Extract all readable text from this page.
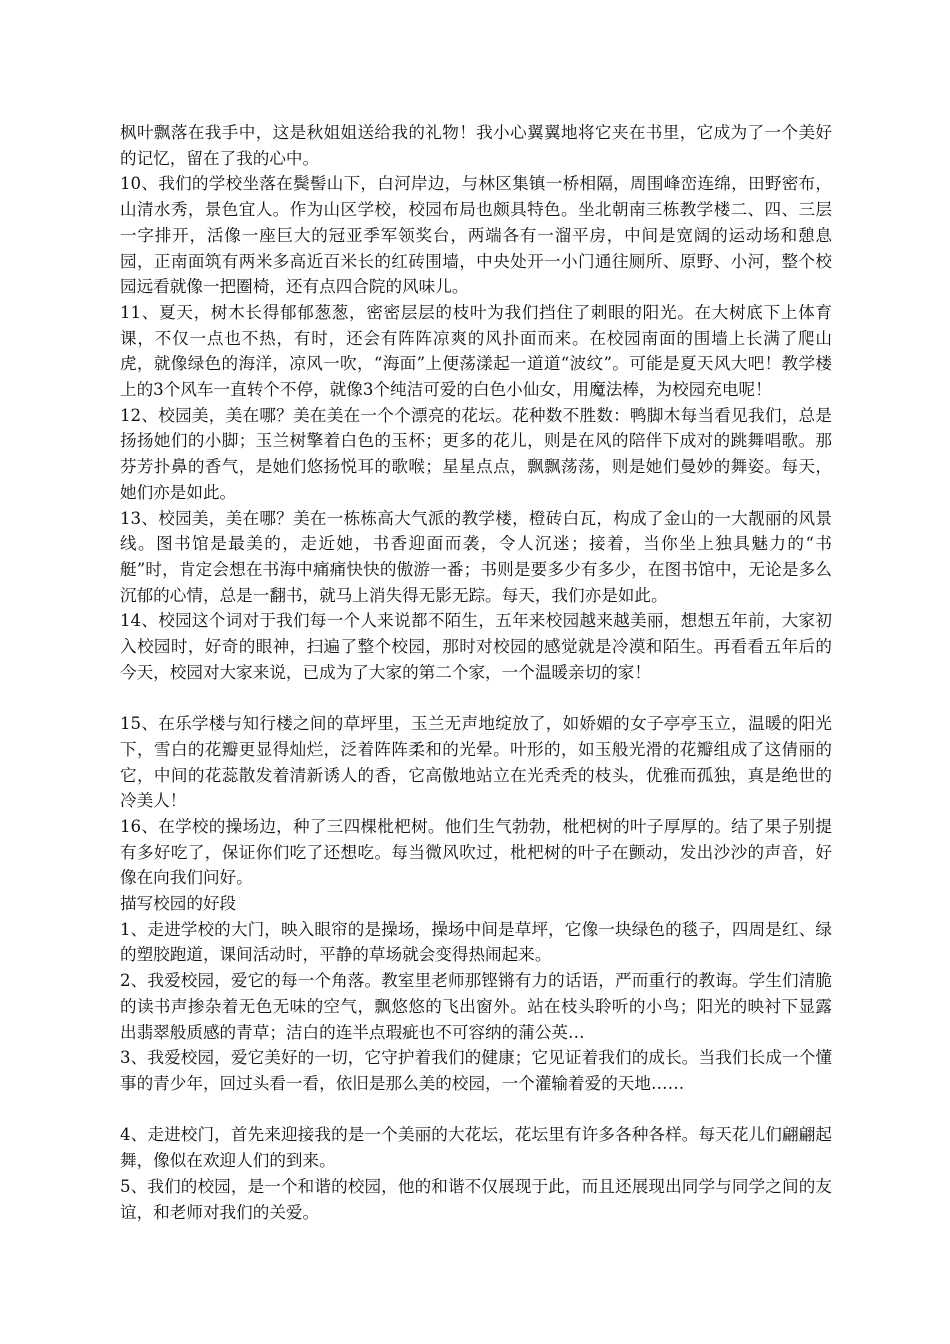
枫叶飘落在我手中，这是秋姐姐送给我的礼物！我小心翼翼地将它夹在书里，它成为了一个美好的记忆，留在了我的心中。

10、我们的学校坐落在鬓髻山下，白河岸边，与林区集镇一桥相隔，周围峰峦连绵，田野密布，山清水秀，景色宜人。作为山区学校，校园布局也颇具特色。坐北朝南三栋教学楼二、四、三层一字排开，活像一座巨大的冠亚季军领奖台，两端各有一溜平房，中间是宽阔的运动场和憩息园，正南面筑有两米多高近百米长的红砖围墙，中央处开一小门通往厕所、原野、小河，整个校园远看就像一把圈椅，还有点四合院的风味儿。

11、夏天，树木长得郁郁葱葱，密密层层的枝叶为我们挡住了刺眼的阳光。在大树底下上体育课，不仅一点也不热，有时，还会有阵阵凉爽的风扑面而来。在校园南面的围墙上长满了爬山虎，就像绿色的海洋，凉风一吹，“海面”上便荡漾起一道道“波纹”。可能是夏天风大吧！教学楼上的3个风车一直转个不停，就像3个纯洁可爱的白色小仙女，用魔法棒，为校园充电呢！

12、校园美，美在哪？美在美在一个个漂亮的花坛。花种数不胜数：鸭脚木每当看见我们，总是扬扬她们的小脚；玉兰树擎着白色的玉杯；更多的花儿，则是在风的陪伴下成对的跳舞唱歌。那芬芳扑鼻的香气，是她们悠扬悦耳的歌喉；星星点点，飘飘荡荡，则是她们曼妙的舞姿。每天，她们亦是如此。

13、校园美，美在哪？美在一栋栋高大气派的教学楼，橙砖白瓦，构成了金山的一大靓丽的风景线。图书馆是最美的，走近她，书香迎面而袭，令人沉迷；接着，当你坐上独具魅力的“书艇”时，肯定会想在书海中痛痛快快的傲游一番；书则是要多少有多少，在图书馆中，无论是多么沉郁的心情，总是一翻书，就马上消失得无影无踪。每天，我们亦是如此。

14、校园这个词对于我们每一个人来说都不陌生，五年来校园越来越美丽，想想五年前，大家初入校园时，好奇的眼神，扫遍了整个校园，那时对校园的感觉就是冷漠和陌生。再看看五年后的今天，校园对大家来说，已成为了大家的第二个家，一个温暖亲切的家！

15、在乐学楼与知行楼之间的草坪里，玉兰无声地绽放了，如娇媚的女子亭亭玉立，温暖的阳光下，雪白的花瓣更显得灿烂，泛着阵阵柔和的光晕。叶形的，如玉般光滑的花瓣组成了这倩丽的它，中间的花蕊散发着清新诱人的香，它高傲地站立在光秃秃的枝头，优雅而孤独，真是绝世的冷美人！

16、在学校的操场边，种了三四棵枇杷树。他们生气勃勃，枇杷树的叶子厚厚的。结了果子别提有多好吃了，保证你们吃了还想吃。每当微风吹过，枇杷树的叶子在颤动，发出沙沙的声音，好像在向我们问好。

描写校园的好段

1、走进学校的大门，映入眼帘的是操场，操场中间是草坪，它像一块绿色的毯子，四周是红、绿的塑胶跑道，课间活动时，平静的草场就会变得热闹起来。

2、我爱校园，爱它的每一个角落。教室里老师那铿锵有力的话语，严而重行的教诲。学生们清脆的读书声掺杂着无色无味的空气，飘悠悠的飞出窗外。站在枝头聆听的小鸟；阳光的映衬下显露出翡翠般质感的青草；洁白的连半点瑕疵也不可容纳的蒲公英…

3、我爱校园，爱它美好的一切，它守护着我们的健康；它见证着我们的成长。当我们长成一个懂事的青少年，回过头看一看，依旧是那么美的校园，一个灌输着爱的天地……

4、走进校门，首先来迎接我的是一个美丽的大花坛，花坛里有许多各种各样。每天花儿们翩翩起舞，像似在欢迎人们的到来。

5、我们的校园，是一个和谐的校园，他的和谐不仅展现于此，而且还展现出同学与同学之间的友谊，和老师对我们的关爱。
